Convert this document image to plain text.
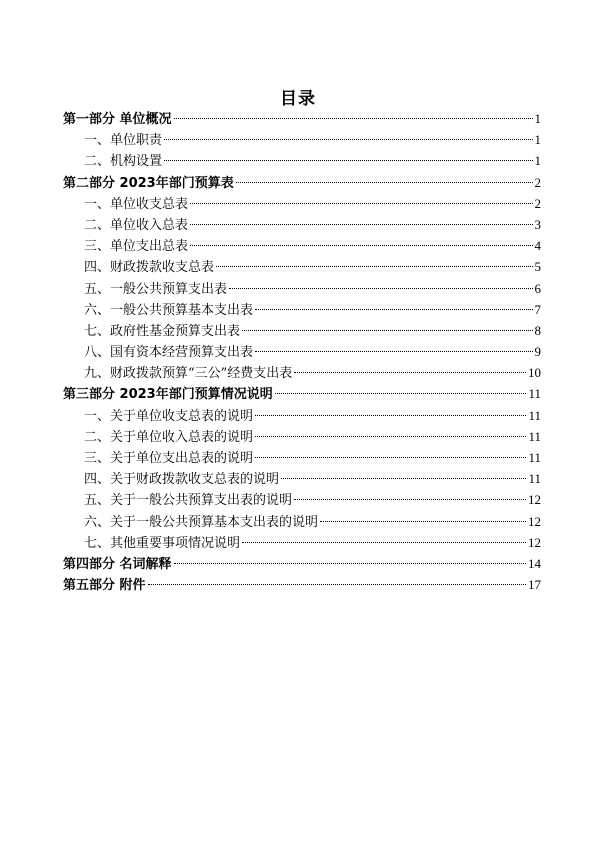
目录
第一部分 单位概况	1
一、单位职责	1
二、机构设置	1
第二部分 2023年部门预算表	2
一、单位收支总表	2
二、单位收入总表	3
三、单位支出总表	4
四、财政拨款收支总表	5
五、一般公共预算支出表	6
六、一般公共预算基本支出表	7
七、政府性基金预算支出表	8
八、国有资本经营预算支出表	9
九、财政拨款预算“三公”经费支出表	10
第三部分 2023年部门预算情况说明	11
一、关于单位收支总表的说明	11
二、关于单位收入总表的说明	11
三、关于单位支出总表的说明	11
四、关于财政拨款收支总表的说明	11
五、关于一般公共预算支出表的说明	12
六、关于一般公共预算基本支出表的说明	12
七、其他重要事项情况说明	12
第四部分 名词解释	14
第五部分 附件	17
